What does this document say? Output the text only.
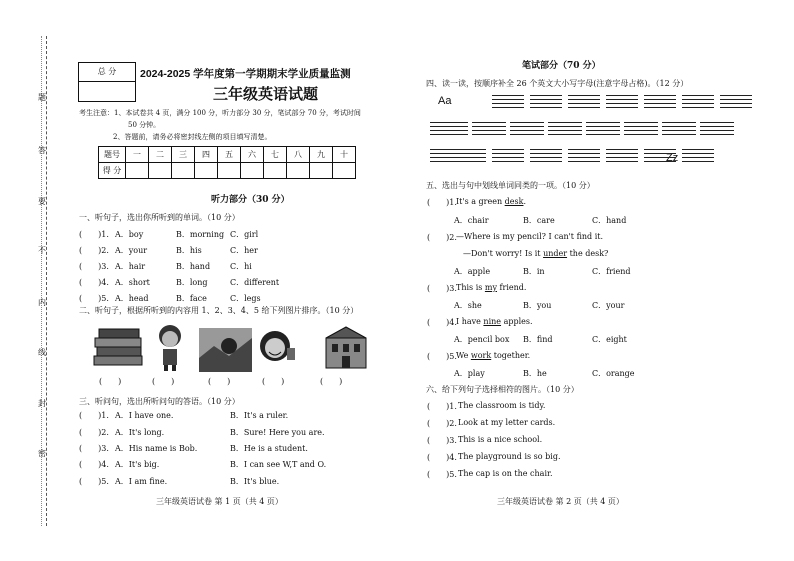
题
答
要
不
内
线
封
密
总 分	2024-2025 学年度第一学期期末学业质量监测
三年级英语试题
考生注意：1、本试卷共 4 页，满分 100 分，听力部分 30 分，笔试部分 70 分，考试时间
50 分钟。
2、答题前，请务必将密封线左侧的项目填写清楚。
题号	一	二	三	四	五	六	七	八	九	十
得 分										
听力部分（30 分）
一、听句子，选出你所听到的单词。（10 分）
二、听句子，根据所听到的内容用 1、2、3、4、5 给下列图片排序。（10 分）
(　　)	(　　)	(　　)	(　　)	(　　)
三、听问句，选出所听问句的答语。（10 分）
三年级英语试卷 第 1 页（共 4 页）
笔试部分（70 分）
四、读一读，按顺序补全 26 个英文大小写字母(注意字母占格)。（12 分）
Aa
Zz
五、选出与句中划线单词同类的一项。（10 分）
六、给下列句子选择相符的图片。（10 分）
三年级英语试卷 第 2 页（共 4 页）
(　　)1. A．boy	B．morning C．girl
(　　)2. A．your	B．his	C．her
(　　)3. A．hair	B．hand C．hi
(　　)4. A．short	B．long	C．different
(　　)5. A．head	B．face	C．legs
(　　)1. A．I have one.	B．It's a ruler.
(　　)2. A．It's long.	B．Sure! Here you are.
(　　)3. A．His name is Bob.	B．He is a student.
(　　)4. A．It's big.	B．I can see W,T and O.
(　　)5. A．I am fine.	B．It's blue.
(　　)1. It's a green desk.
A．chair	B．care	C．hand
(　　)2. —Where is my pencil? I can't find it.
—Don't worry! Is it under the desk?
A．apple	B．in	C．friend
(　　)3. This is my friend.
A．she	B．you	C．your
(　　)4. I have nine apples.
A．pencil box B．find	C．eight
(　　)5. We work together.
A．play	B．he	C．orange
(　　)1. The classroom is tidy.
(　　)2. Look at my letter cards.
(　　)3. This is a nice school.
(　　)4. The playground is so big.
(　　)5. The cap is on the chair.
